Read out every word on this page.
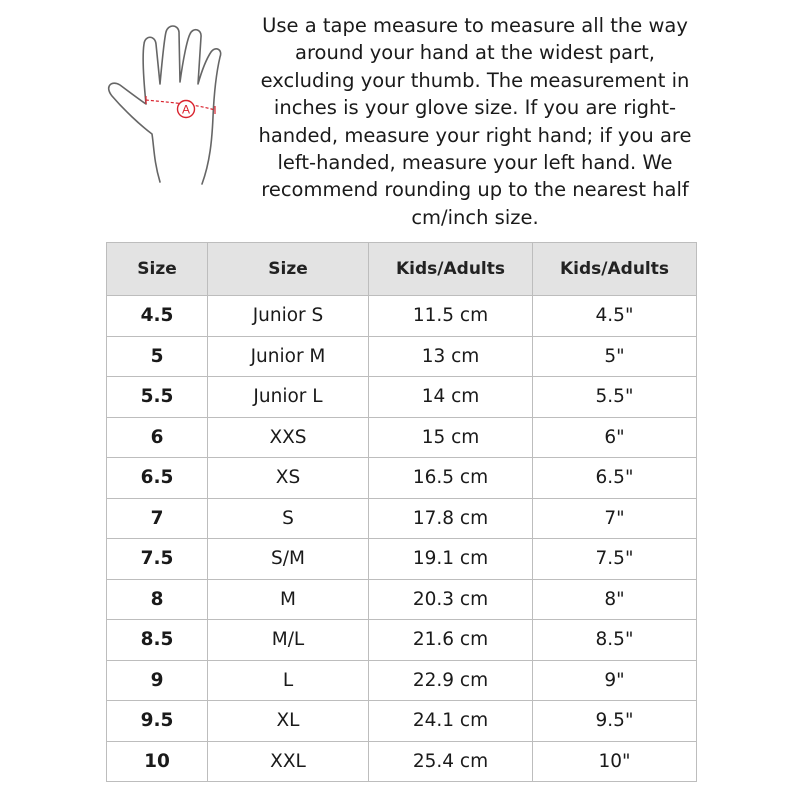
A

Use a tape measure to measure all the way around your hand at the widest part, excluding your thumb. The measurement in inches is your glove size. If you are right-handed, measure your right hand; if you are left-handed, measure your left hand. We recommend rounding up to the nearest half cm/inch size.

Size	Size	Kids/Adults	Kids/Adults
4.5	Junior S	11.5 cm	4.5"
5	Junior M	13 cm	5"
5.5	Junior L	14 cm	5.5"
6	XXS	15 cm	6"
6.5	XS	16.5 cm	6.5"
7	S	17.8 cm	7"
7.5	S/M	19.1 cm	7.5"
8	M	20.3 cm	8"
8.5	M/L	21.6 cm	8.5"
9	L	22.9 cm	9"
9.5	XL	24.1 cm	9.5"
10	XXL	25.4 cm	10"
